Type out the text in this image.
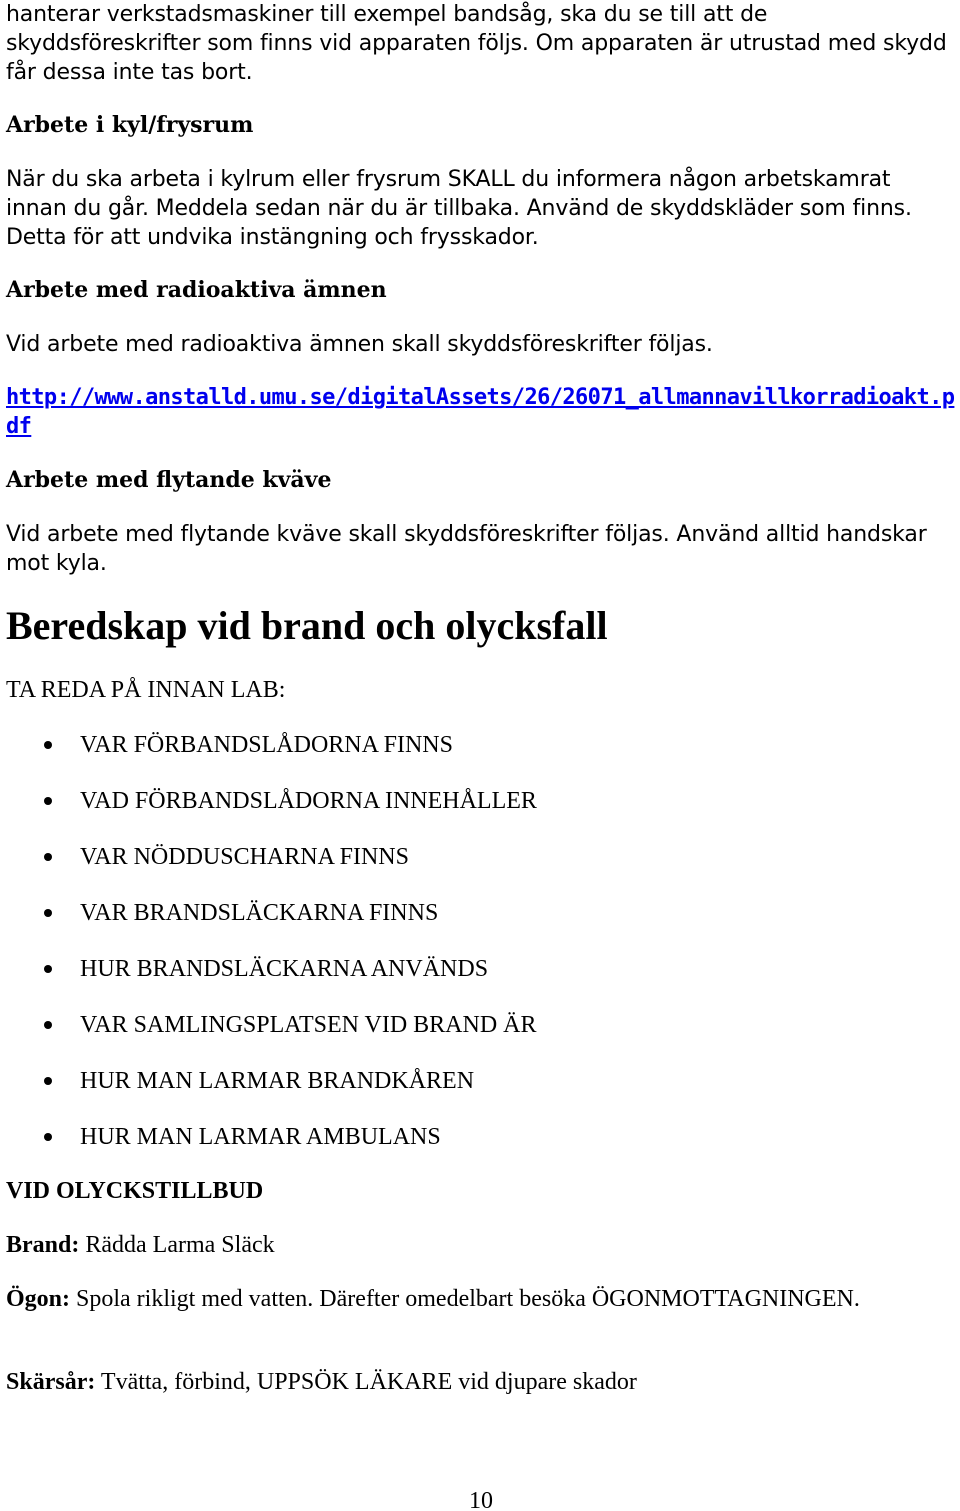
hanterar verkstadsmaskiner till exempel bandsåg, ska du se till att de skyddsföreskrifter som finns vid apparaten följs. Om apparaten är utrustad med skydd får dessa inte tas bort.

Arbete i kyl/frysrum

När du ska arbeta i kylrum eller frysrum SKALL du informera någon arbetskamrat innan du går. Meddela sedan när du är tillbaka. Använd de skyddskläder som finns. Detta för att undvika instängning och frysskador.

Arbete med radioaktiva ämnen

Vid arbete med radioaktiva ämnen skall skyddsföreskrifter följas.

http://www.anstalld.umu.se/digitalAssets/26/26071_allmannavillkorradioakt.pdf
Arbete med flytande kväve

Vid arbete med flytande kväve skall skyddsföreskrifter följas. Använd alltid handskar mot kyla.

Beredskap vid brand och olycksfall

TA REDA PÅ INNAN LAB:

VAR FÖRBANDSLÅDORNA FINNS
VAD FÖRBANDSLÅDORNA INNEHÅLLER
VAR NÖDDUSCHARNA FINNS
VAR BRANDSLÄCKARNA FINNS
HUR BRANDSLÄCKARNA ANVÄNDS
VAR SAMLINGSPLATSEN VID BRAND ÄR
HUR MAN LARMAR BRANDKÅREN
HUR MAN LARMAR AMBULANS

VID OLYCKSTILLBUD

Brand: Rädda Larma Släck

Ögon: Spola rikligt med vatten. Därefter omedelbart besöka ÖGONMOTTAGNINGEN.

Skärsår: Tvätta, förbind, UPPSÖK LÄKARE vid djupare skador

10
